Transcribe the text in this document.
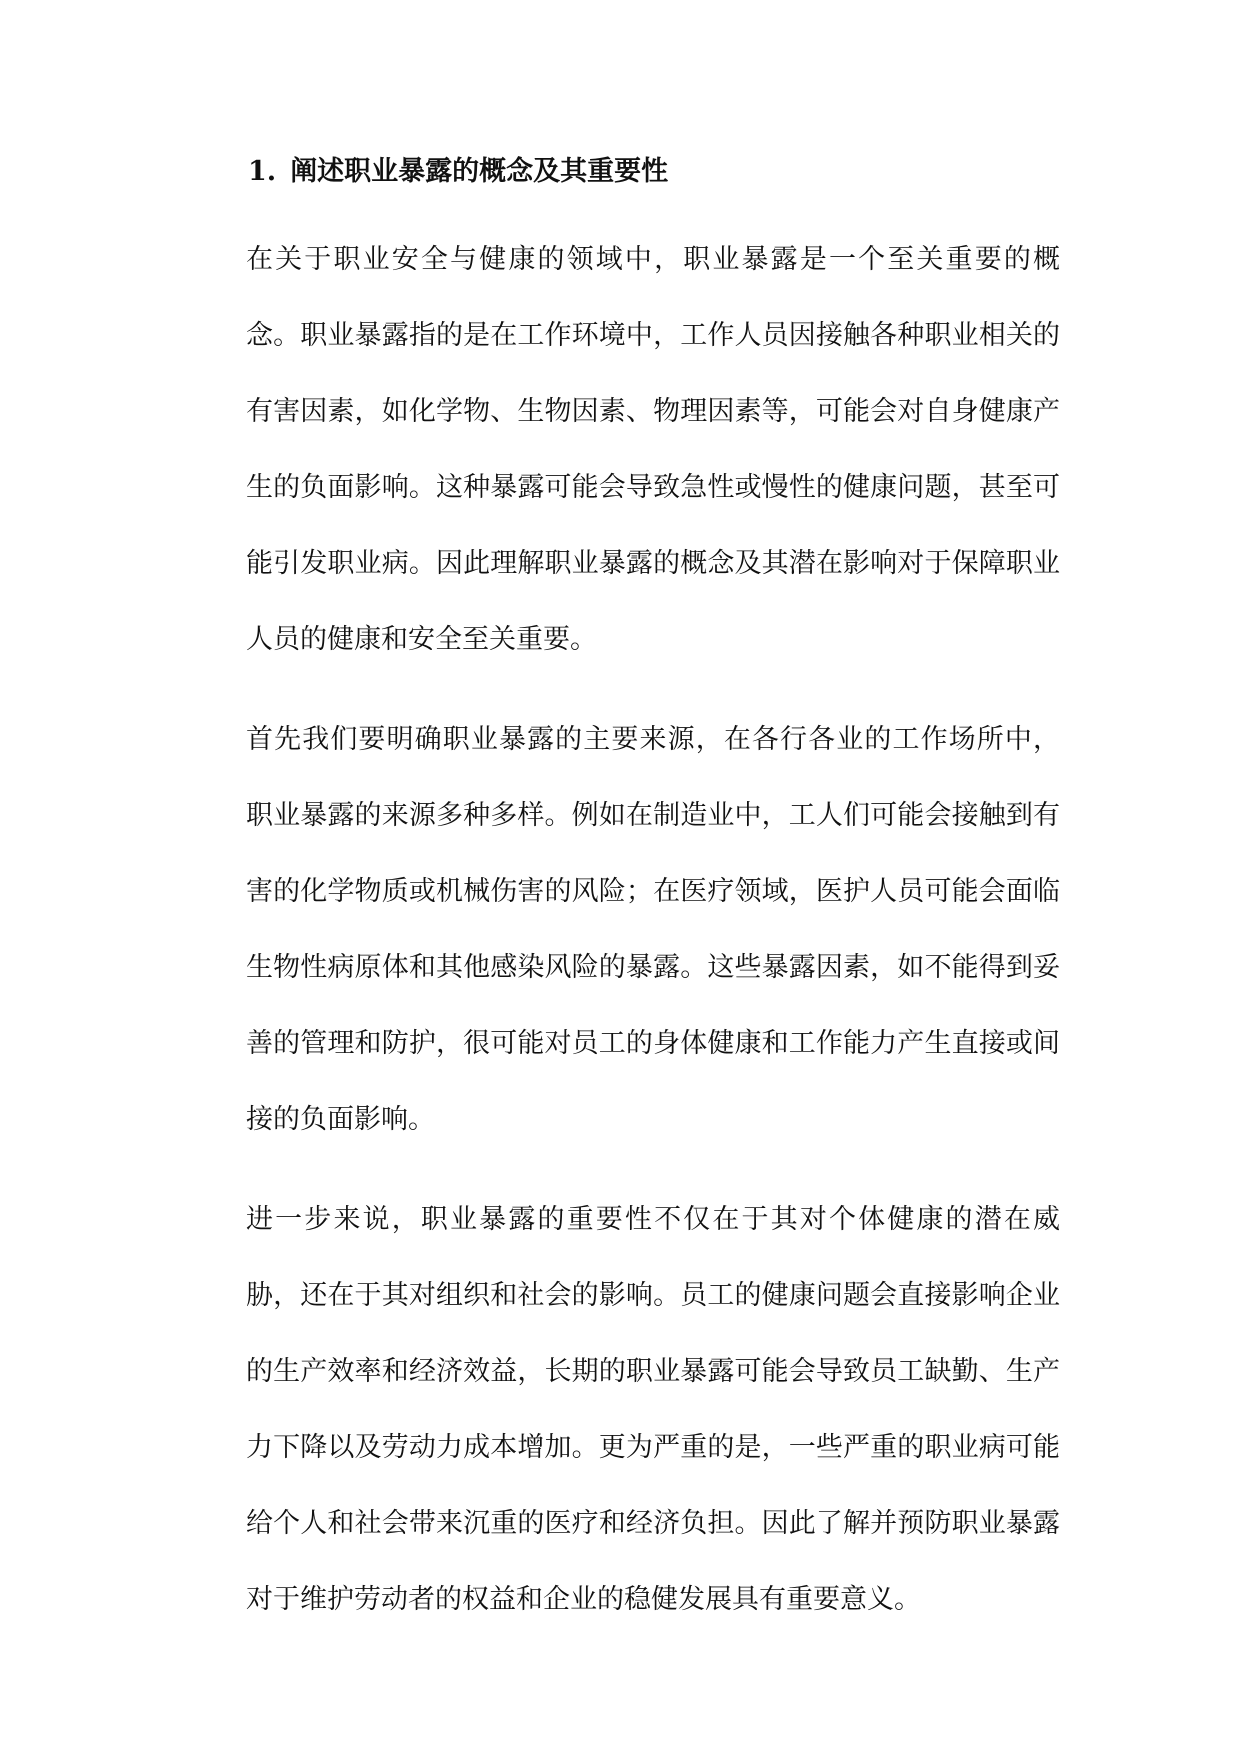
1. 阐述职业暴露的概念及其重要性

在关于职业安全与健康的领域中，职业暴露是一个至关重要的概
念。职业暴露指的是在工作环境中，工作人员因接触各种职业相关的
有害因素，如化学物、生物因素、物理因素等，可能会对自身健康产
生的负面影响。这种暴露可能会导致急性或慢性的健康问题，甚至可
能引发职业病。因此理解职业暴露的概念及其潜在影响对于保障职业
人员的健康和安全至关重要。

首先我们要明确职业暴露的主要来源，在各行各业的工作场所中，
职业暴露的来源多种多样。例如在制造业中，工人们可能会接触到有
害的化学物质或机械伤害的风险；在医疗领域，医护人员可能会面临
生物性病原体和其他感染风险的暴露。这些暴露因素，如不能得到妥
善的管理和防护，很可能对员工的身体健康和工作能力产生直接或间
接的负面影响。

进一步来说，职业暴露的重要性不仅在于其对个体健康的潜在威
胁，还在于其对组织和社会的影响。员工的健康问题会直接影响企业
的生产效率和经济效益，长期的职业暴露可能会导致员工缺勤、生产
力下降以及劳动力成本增加。更为严重的是，一些严重的职业病可能
给个人和社会带来沉重的医疗和经济负担。因此了解并预防职业暴露
对于维护劳动者的权益和企业的稳健发展具有重要意义。
